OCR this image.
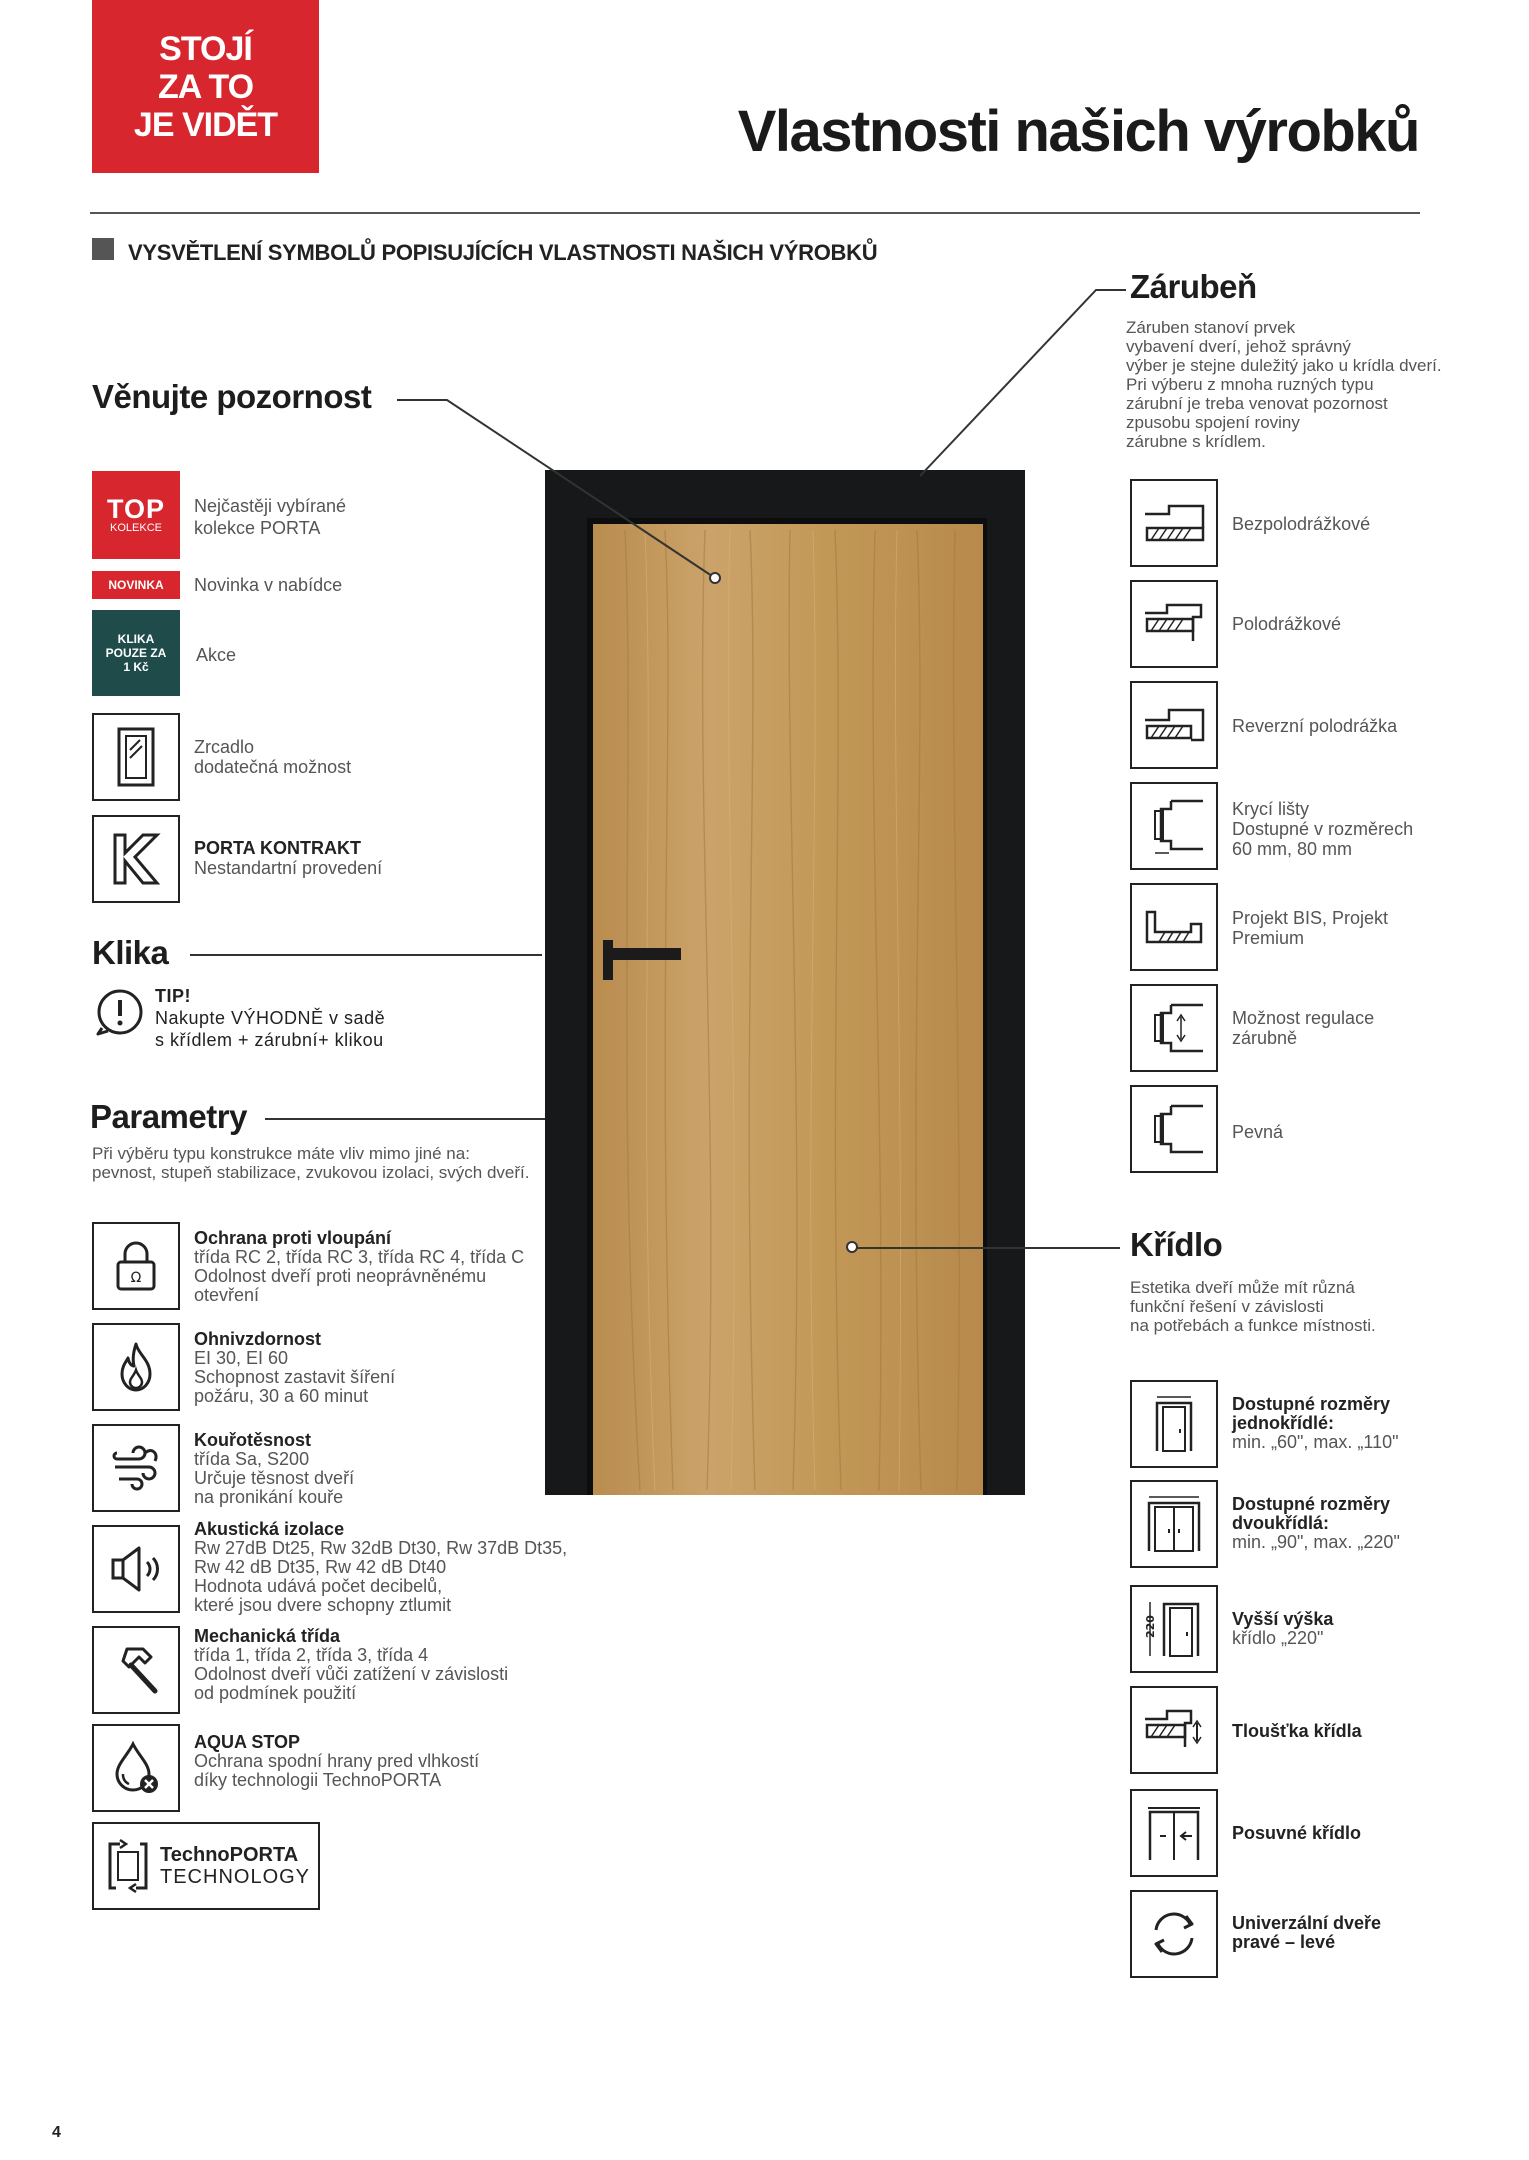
STOJÍ
ZA TO
JE VIDĚT	Vlastnosti našich výrobků
VYSVĚTLENÍ SYMBOLŮ POPISUJÍCÍCH VLASTNOSTI NAŠICH VÝROBKŮ
Věnujte pozornost
TOP
KOLEKCE
Nejčastěji vybírané
kolekce PORTA
NOVINKA	Novinka v nabídce
KLIKA
POUZE ZA
1 Kč
Akce
Zrcadlo
dodatečná možnost
PORTA KONTRAKT
Nestandartní provedení
Klika
TIP!
Nakupte VÝHODNĚ v sadě
s křídlem + zárubní+ klikou
Parametry
Při výběru typu konstrukce máte vliv mimo jiné na:
pevnost, stupeň stabilizace, zvukovou izolaci, svých dveří.
Ω
Ochrana proti vloupání
třída RC 2, třída RC 3, třída RC 4, třída C
Odolnost dveří proti neoprávněnému
otevření
Ohnivzdornost
EI 30, EI 60
Schopnost zastavit šíření
požáru, 30 a 60 minut
Kouřotěsnost
třída Sa, S200
Určuje těsnost dveří
na pronikání kouře
Akustická izolace
Rw 27dB Dt25, Rw 32dB Dt30, Rw 37dB Dt35,
Rw 42 dB Dt35, Rw 42 dB Dt40
Hodnota udává počet decibelů,
které jsou dvere schopny ztlumit
Mechanická třída
třída 1, třída 2, třída 3, třída 4
Odolnost dveří vůči zatížení v závislosti
od podmínek použití
AQUA STOP
Ochrana spodní hrany pred vlhkostí
díky technologii TechnoPORTA
TechnoPORTA
TECHNOLOGY
Zárubeň
Záruben stanoví prvek
vybavení dverí, jehož správný
výber je stejne duležitý jako u krídla dverí.
Pri výberu z mnoha ruzných typu
zárubní je treba venovat pozornost
zpusobu spojení roviny
zárubne s krídlem.
Bezpolodrážkové
Polodrážkové
Reverzní polodrážka
Krycí lišty
Dostupné v rozměrech
60 mm, 80 mm
Projekt BIS, Projekt
Premium
Možnost regulace
zárubně
Pevná
Křídlo
Estetika dveří může mít různá
funkční řešení v závislosti
na potřebách a funkce místnosti.
Dostupné rozměry
jednokřídlé:
min. „60", max. „110"
Dostupné rozměry
dvoukřídlá:
min. „90", max. „220"
220	Vyšší výška
křídlo „220"
Tloušťka křídla
Posuvné křídlo
Univerzální dveře
pravé – levé
4
